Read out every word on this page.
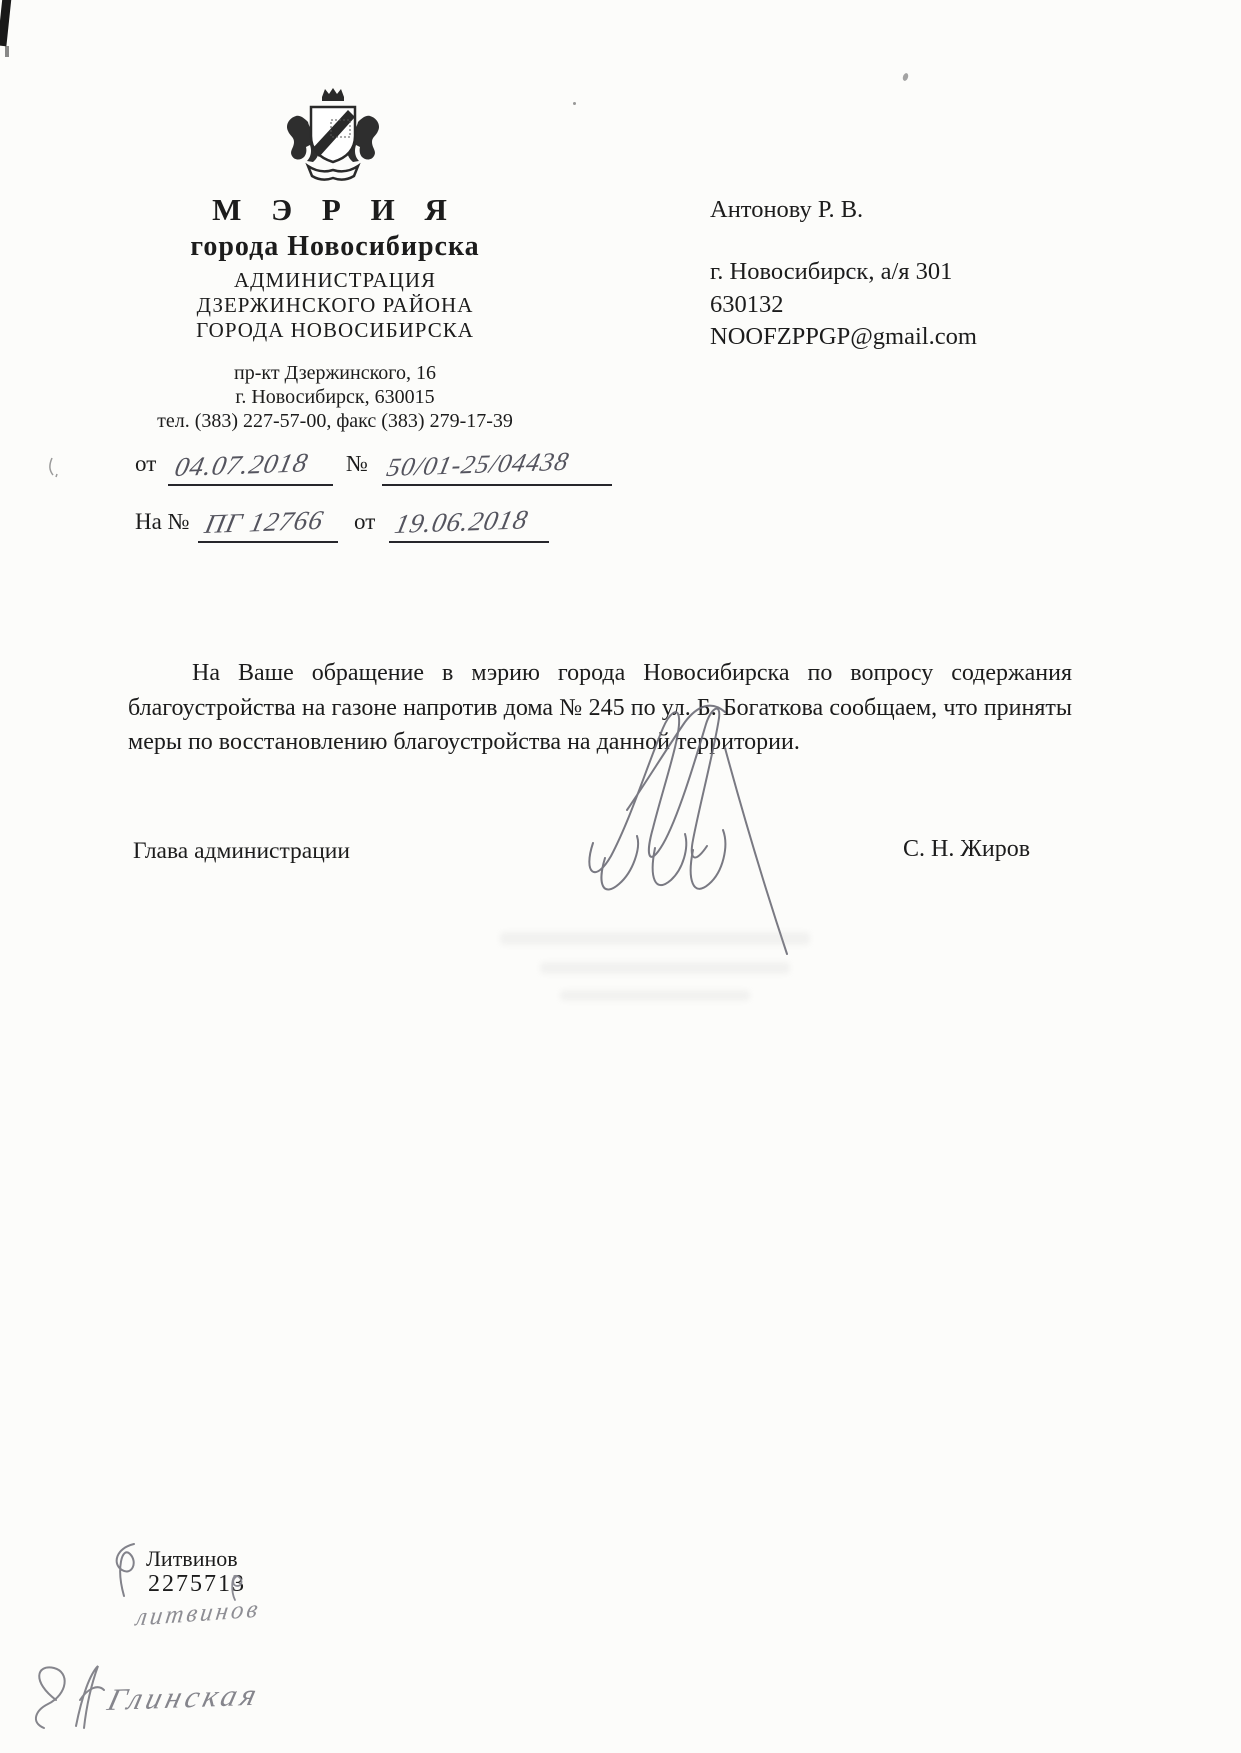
М Э Р И Я
города Новосибирска
АДМИНИСТРАЦИЯ
ДЗЕРЖИНСКОГО РАЙОНА
ГОРОДА НОВОСИБИРСКА
пр-кт Дзержинского, 16
г. Новосибирск, 630015
тел. (383) 227-57-00, факс (383) 279-17-39
от 04.07.2018 № 50/01-25/04438
На № ПГ 12766 от 19.06.2018
Антонову Р. В.
г. Новосибирск, а/я 301
630132
NOOFZPPGP@gmail.com
На Ваше обращение в мэрию города Новосибирска по вопросу содержания благоустройства на газоне напротив дома № 245 по ул. Б. Богаткова сообщаем, что приняты меры по восстановлению благоустройства на данной территории.
Глава администрации	С. Н. Жиров
Литвинов
2275713
литвинов
Глинская
